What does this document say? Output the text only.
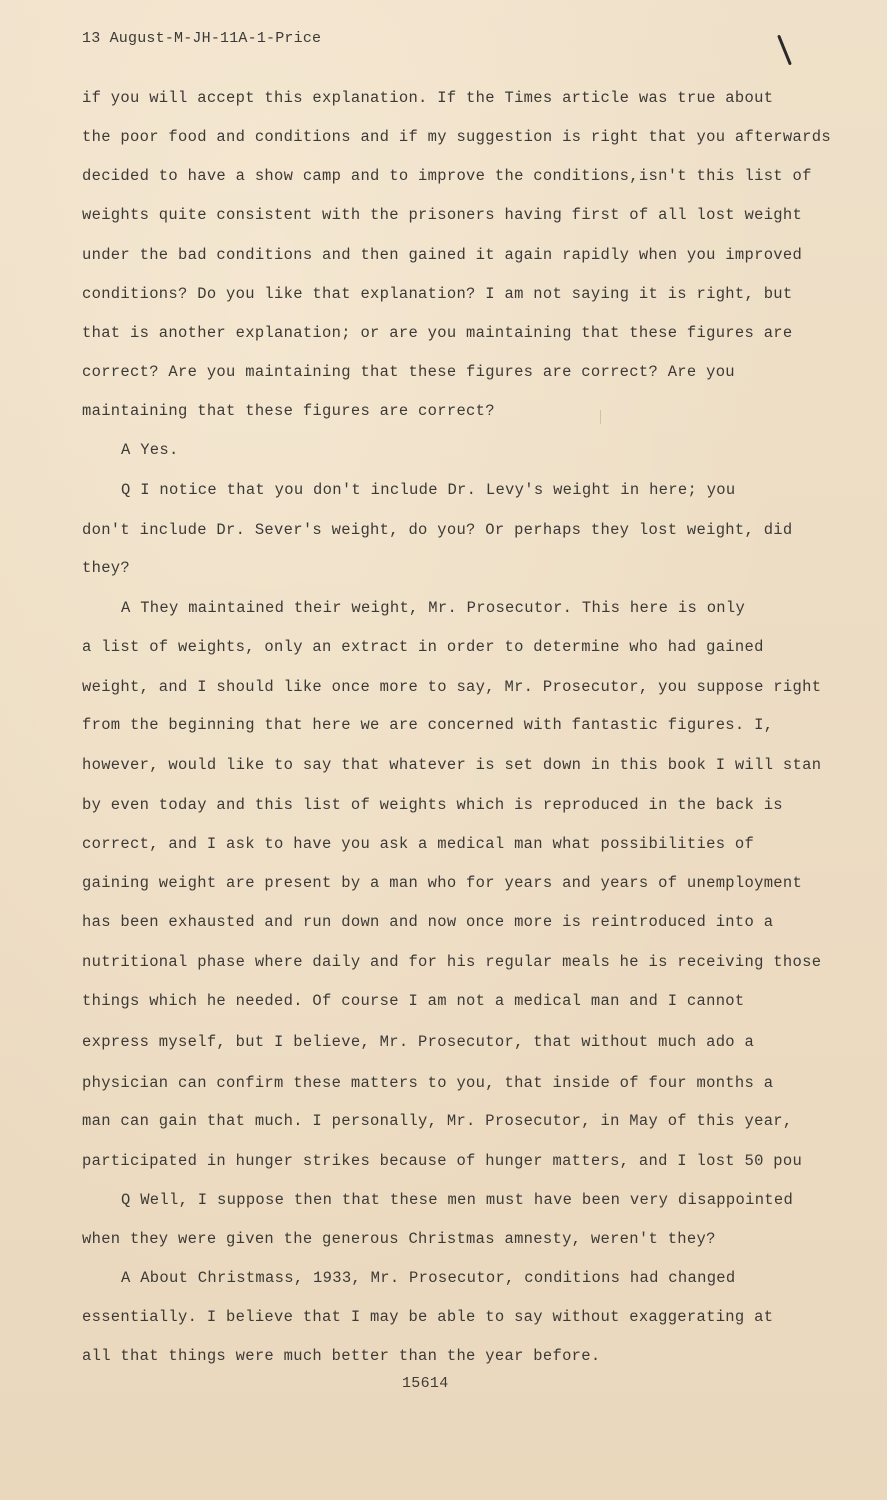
13 August-M-JH-11A-1-Price
if you will accept this explanation. If the Times article was true about
the poor food and conditions and if my suggestion is right that you afterwards
decided to have a show camp and to improve the conditions,isn't this list of
weights quite consistent with the prisoners having first of all lost weight
under the bad conditions and then gained it again rapidly when you improved
conditions? Do you like that explanation? I am not saying it is right, but
that is another explanation; or are you maintaining that these figures are
correct? Are you maintaining that these figures are correct? Are you
maintaining that these figures are correct?
A Yes.
Q I notice that you don't include Dr. Levy's weight in here; you
don't include Dr. Sever's weight, do you? Or perhaps they lost weight, did
they?
A They maintained their weight, Mr. Prosecutor. This here is only
a list of weights, only an extract in order to determine who had gained
weight, and I should like once more to say, Mr. Prosecutor, you suppose right
from the beginning that here we are concerned with fantastic figures. I,
however, would like to say that whatever is set down in this book I will stan
by even today and this list of weights which is reproduced in the back is
correct, and I ask to have you ask a medical man what possibilities of
gaining weight are present by a man who for years and years of unemployment
has been exhausted and run down and now once more is reintroduced into a
nutritional phase where daily and for his regular meals he is receiving those
things which he needed. Of course I am not a medical man and I cannot
express myself, but I believe, Mr. Prosecutor, that without much ado a
physician can confirm these matters to you, that inside of four months a
man can gain that much. I personally, Mr. Prosecutor, in May of this year,
participated in hunger strikes because of hunger matters, and I lost 50 pou
Q Well, I suppose then that these men must have been very disappointed
when they were given the generous Christmas amnesty, weren't they?
A About Christmass, 1933, Mr. Prosecutor, conditions had changed
essentially. I believe that I may be able to say without exaggerating at
all that things were much better than the year before.
15614
